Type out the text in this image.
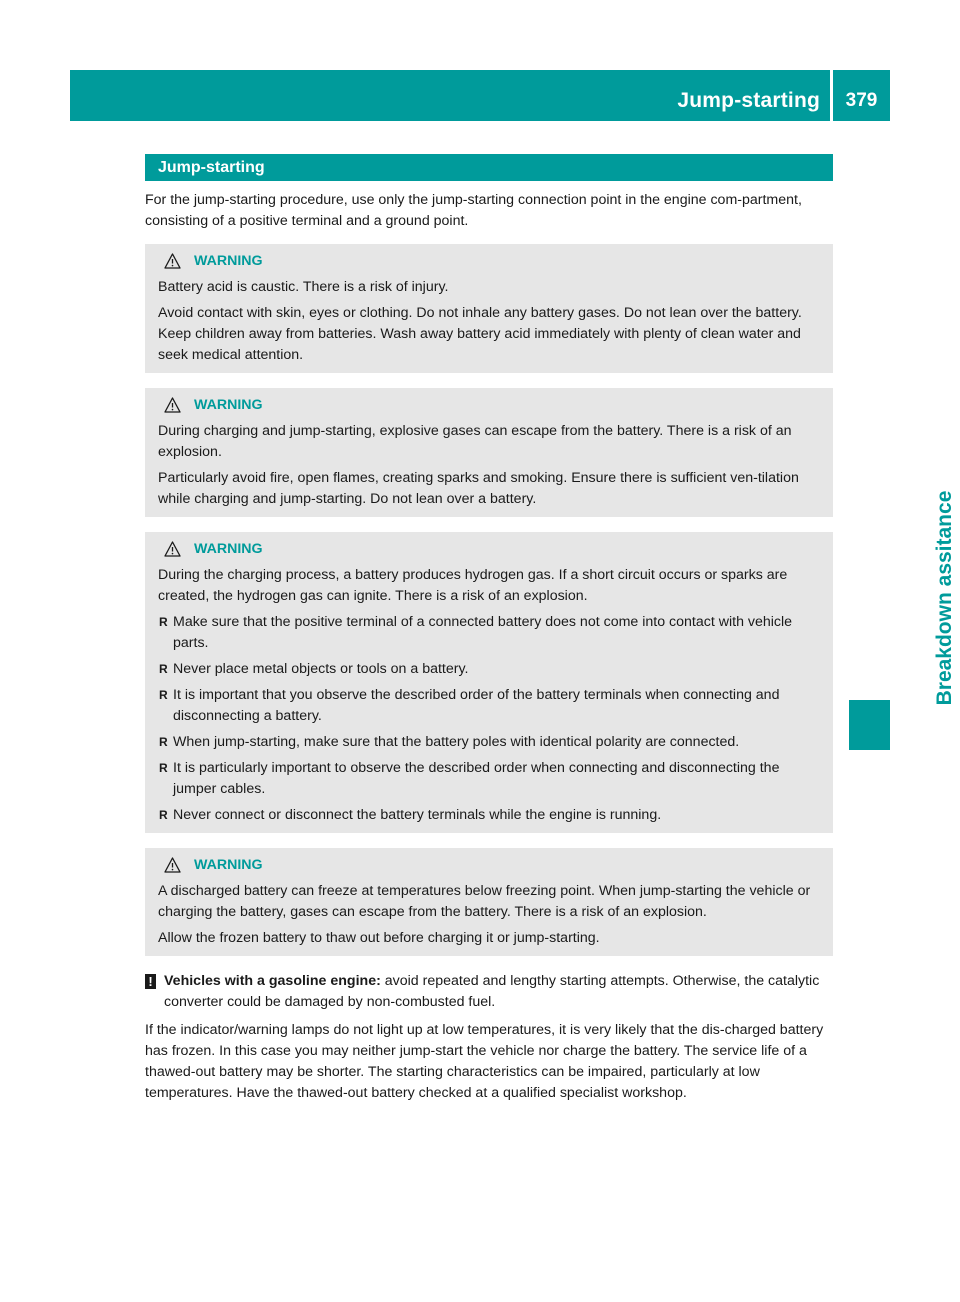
Jump-starting	379
Breakdown assitance
Jump-starting

For the jump-starting procedure, use only the jump-starting connection point in the engine com-partment, consisting of a positive terminal and a ground point.

WARNING

Battery acid is caustic. There is a risk of injury.

Avoid contact with skin, eyes or clothing. Do not inhale any battery gases. Do not lean over the battery. Keep children away from batteries. Wash away battery acid immediately with plenty of clean water and seek medical attention.

WARNING

During charging and jump-starting, explosive gases can escape from the battery. There is a risk of an explosion.

Particularly avoid fire, open flames, creating sparks and smoking. Ensure there is sufficient ven-tilation while charging and jump-starting. Do not lean over a battery.

WARNING

During the charging process, a battery produces hydrogen gas. If a short circuit occurs or sparks are created, the hydrogen gas can ignite. There is a risk of an explosion.

R Make sure that the positive terminal of a connected battery does not come into contact with vehicle parts.
R Never place metal objects or tools on a battery.
R It is important that you observe the described order of the battery terminals when connecting and disconnecting a battery.
R When jump-starting, make sure that the battery poles with identical polarity are connected.
R It is particularly important to observe the described order when connecting and disconnecting the jumper cables.
R Never connect or disconnect the battery terminals while the engine is running.
WARNING

A discharged battery can freeze at temperatures below freezing point. When jump-starting the vehicle or charging the battery, gases can escape from the battery. There is a risk of an explosion.

Allow the frozen battery to thaw out before charging it or jump-starting.

! Vehicles with a gasoline engine: avoid repeated and lengthy starting attempts. Otherwise, the catalytic converter could be damaged by non-combusted fuel.

If the indicator/warning lamps do not light up at low temperatures, it is very likely that the dis-charged battery has frozen. In this case you may neither jump-start the vehicle nor charge the battery. The service life of a thawed-out battery may be shorter. The starting characteristics can be impaired, particularly at low temperatures. Have the thawed-out battery checked at a qualified specialist workshop.
